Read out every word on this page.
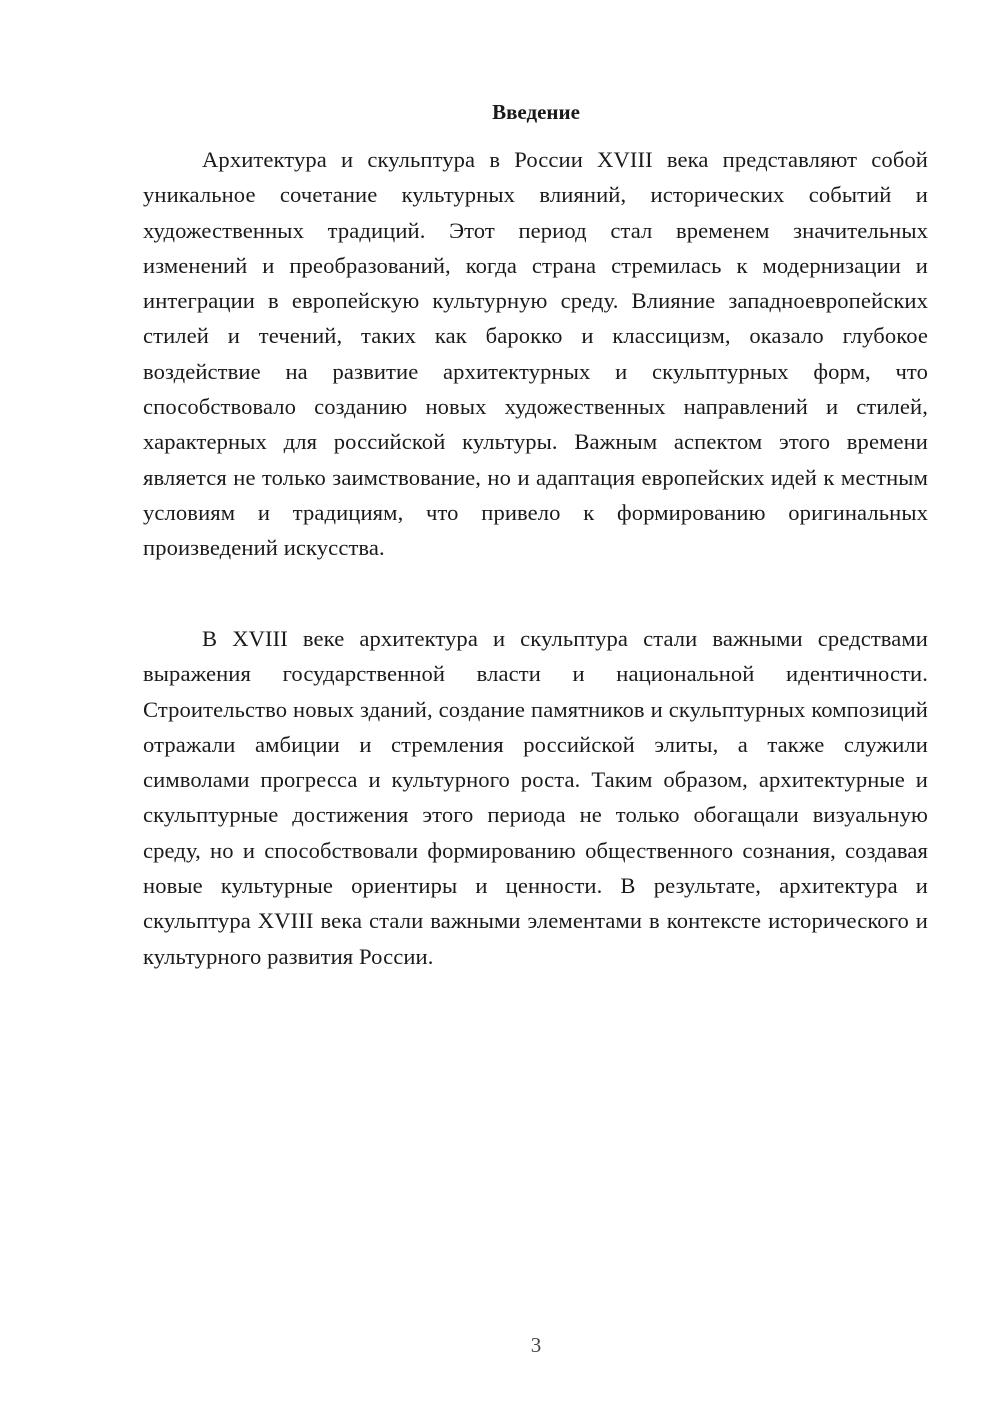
Введение

Архитектура и скульптура в России XVIII века представляют собой уникальное сочетание культурных влияний, исторических событий и художественных традиций. Этот период стал временем значительных изменений и преобразований, когда страна стремилась к модернизации и интеграции в европейскую культурную среду. Влияние западноевропейских стилей и течений, таких как барокко и классицизм, оказало глубокое воздействие на развитие архитектурных и скульптурных форм, что способствовало созданию новых художественных направлений и стилей, характерных для российской культуры. Важным аспектом этого времени является не только заимствование, но и адаптация европейских идей к местным условиям и традициям, что привело к формированию оригинальных произведений искусства.

В XVIII веке архитектура и скульптура стали важными средствами выражения государственной власти и национальной идентичности. Строительство новых зданий, создание памятников и скульптурных композиций отражали амбиции и стремления российской элиты, а также служили символами прогресса и культурного роста. Таким образом, архитектурные и скульптурные достижения этого периода не только обогащали визуальную среду, но и способствовали формированию общественного сознания, создавая новые культурные ориентиры и ценности. В результате, архитектура и скульптура XVIII века стали важными элементами в контексте исторического и культурного развития России.

3
